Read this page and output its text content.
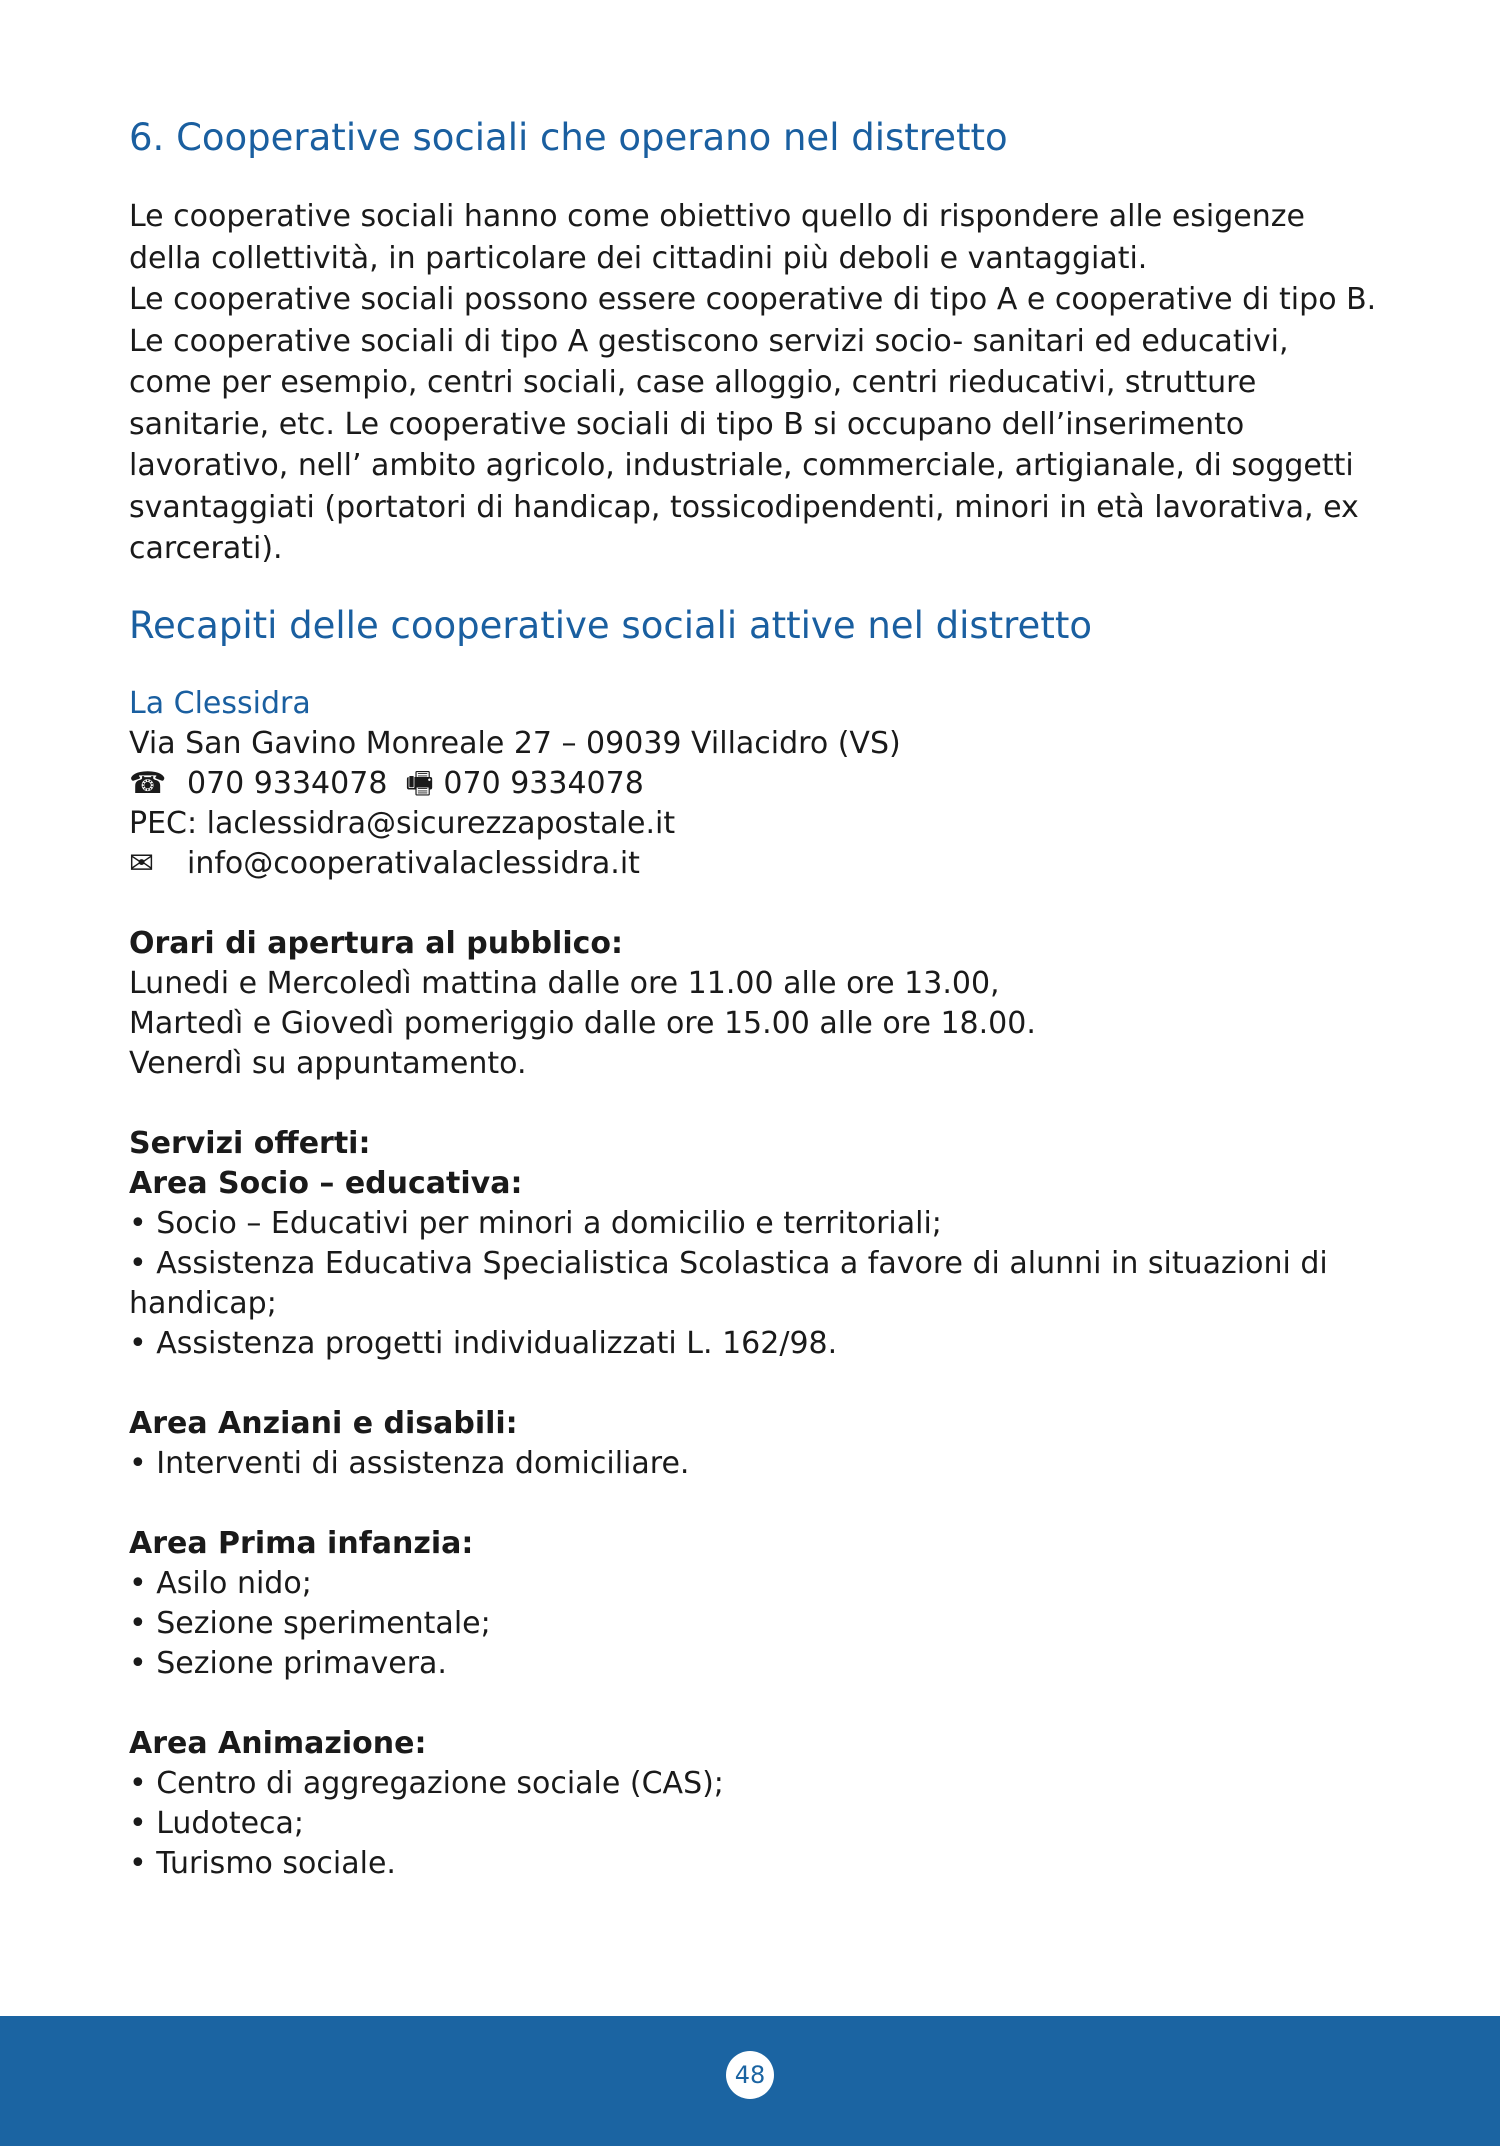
6. Cooperative sociali che operano nel distretto

Le cooperative sociali hanno come obiettivo quello di rispondere alle esigenze della collettività, in particolare dei cittadini più deboli e vantaggiati.

Le cooperative sociali possono essere cooperative di tipo A e cooperative di tipo B.

Le cooperative sociali di tipo A gestiscono servizi socio- sanitari ed educativi, come per esempio, centri sociali, case alloggio, centri rieducativi, strutture sanitarie, etc. Le cooperative sociali di tipo B si occupano dell’inserimento lavorativo, nell’ ambito agricolo, industriale, commerciale, artigianale, di soggetti svantaggiati (portatori di handicap, tossicodipendenti, minori in età lavorativa, ex carcerati).

Recapiti delle cooperative sociali attive nel distretto
La Clessidra
Via San Gavino Monreale 27 – 09039 Villacidro (VS)
☎ 070 9334078 🖷 070 9334078
PEC: laclessidra@sicurezzapostale.it
✉ info@cooperativalaclessidra.it
Orari di apertura al pubblico:
Lunedi e Mercoledì mattina dalle ore 11.00 alle ore 13.00,
Martedì e Giovedì pomeriggio dalle ore 15.00 alle ore 18.00.
Venerdì su appuntamento.
Servizi offerti:
Area Socio – educativa:
• Socio – Educativi per minori a domicilio e territoriali;
• Assistenza Educativa Specialistica Scolastica a favore di alunni in situazioni di handicap;
• Assistenza progetti individualizzati L. 162/98.
Area Anziani e disabili:
• Interventi di assistenza domiciliare.
Area Prima infanzia:
• Asilo nido;
• Sezione sperimentale;
• Sezione primavera.
Area Animazione:
• Centro di aggregazione sociale (CAS);
• Ludoteca;
• Turismo sociale.
48
